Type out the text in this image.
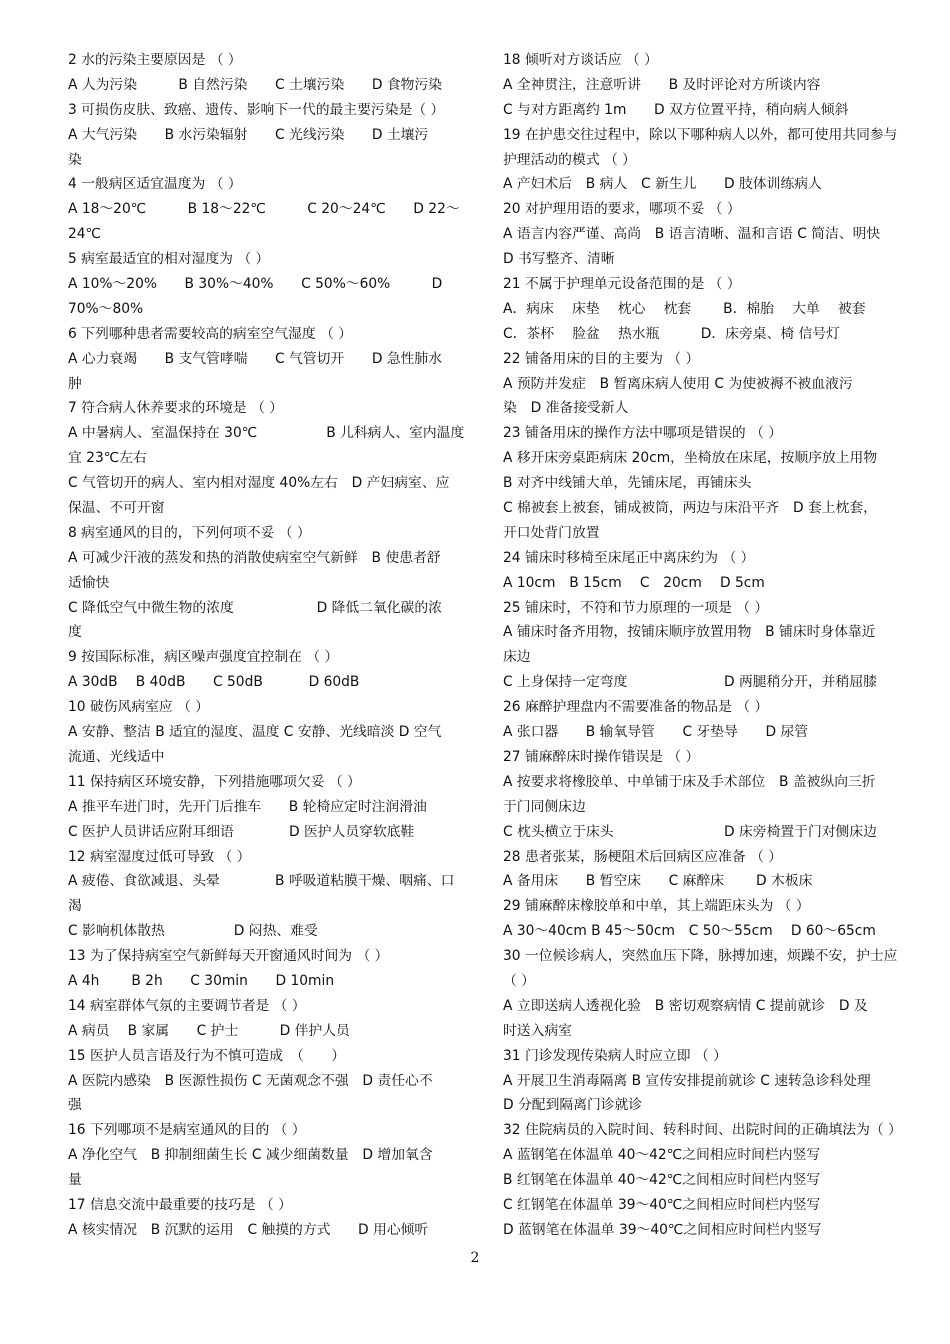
2 水的污染主要原因是 （ ）
A 人为污染　　　B 自然污染　　C 土壤污染　　D 食物污染
3 可损伤皮肤、致癌、遗传、影响下一代的最主要污染是（ ）
A 大气污染　　B 水污染辐射　　C 光线污染　　D 土壤污
染
4 一般病区适宜温度为 （ ）
A 18～20℃　　　B 18～22℃　　　C 20～24℃　　D 22～
24℃
5 病室最适宜的相对湿度为 （ ）
A 10%～20%　　B 30%～40%　　C 50%～60%　　　D
70%～80%
6 下列哪种患者需要较高的病室空气湿度 （ ）
A 心力衰竭　　B 支气管哮喘　　C 气管切开　　D 急性肺水
肿
7 符合病人休养要求的环境是 （ ）
A 中暑病人、室温保持在 30℃　　　　　B 儿科病人、室内温度
宜 23℃左右
C 气管切开的病人、室内相对湿度 40%左右　D 产妇病室、应
保温、不可开窗
8 病室通风的目的，下列何项不妥 （ ）
A 可减少汗液的蒸发和热的消散使病室空气新鲜　B 使患者舒
适愉快
C 降低空气中微生物的浓度　　　　　　D 降低二氧化碳的浓
度
9 按国际标准，病区噪声强度宜控制在 （ ）
A 30dB　 B 40dB　　C 50dB　　　 D 60dB
10 破伤风病室应 （ ）
A 安静、整洁 B 适宜的湿度、温度 C 安静、光线暗淡 D 空气
流通、光线适中
11 保持病区环境安静，下列措施哪项欠妥 （ ）
A 推平车进门时，先开门后推车　　B 轮椅应定时注润滑油
C 医护人员讲话应附耳细语　　　　D 医护人员穿软底鞋
12 病室湿度过低可导致 （ ）
A 疲倦、食欲减退、头晕　　　　B 呼吸道粘膜干燥、咽痛、口
渴
C 影响机体散热　　　　　D 闷热、难受
13 为了保持病室空气新鲜每天开窗通风时间为 （ ）
A 4h　　 B 2h　　C 30min　　D 10min
14 病室群体气氛的主要调节者是 （ ）
A 病员　 B 家属　　C 护士　　　D 伴护人员
15 医护人员言语及行为不慎可造成　（　　）
A 医院内感染　B 医源性损伤 C 无菌观念不强　D 责任心不
强
16 下列哪项不是病室通风的目的 （ ）
A 净化空气　B 抑制细菌生长 C 减少细菌数量　D 增加氧含
量
17 信息交流中最重要的技巧是 （ ）
A 核实情况　B 沉默的运用　C 触摸的方式　　D 用心倾听
18 倾听对方谈话应 （ ）
A 全神贯注，注意听讲　　B 及时评论对方所谈内容
C 与对方距离约 1m　　D 双方位置平持，稍向病人倾斜
19 在护患交往过程中，除以下哪种病人以外，都可使用共同参与
护理活动的模式 （ ）
A 产妇术后　B 病人　C 新生儿　　D 肢体训练病人
20 对护理用语的要求，哪项不妥 （ ）
A 语言内容严谨、高尚　B 语言清晰、温和言语 C 简洁、明快
D 书写整齐、清晰
21 不属于护理单元设备范围的是 （ ）
A．病床　 床垫　 枕心　 枕套　　 B．棉胎　 大单　 被套
C．茶杯　 脸盆　 热水瓶　　　D．床旁桌、椅 信号灯
22 铺备用床的目的主要为 （ ）
A 预防并发症　B 暂离床病人使用 C 为使被褥不被血液污
染　D 准备接受新人
23 铺备用床的操作方法中哪项是错误的 （ ）
A 移开床旁桌距病床 20cm，坐椅放在床尾，按顺序放上用物
B 对齐中线铺大单，先铺床尾，再铺床头
C 棉被套上被套，铺成被筒，两边与床沿平齐　D 套上枕套，
开口处背门放置
24 铺床时移椅至床尾正中离床约为 （ ）
A 10cm　B 15cm　 C　20cm　 D 5cm
25 铺床时，不符和节力原理的一项是 （ ）
A 铺床时备齐用物，按铺床顺序放置用物　B 铺床时身体靠近
床边
C 上身保持一定弯度　　　　　　　D 两腿稍分开，并稍屈膝
26 麻醉护理盘内不需要准备的物品是 （ ）
A 张口器　　B 输氧导管　　C 牙垫导　　D 尿管
27 铺麻醉床时操作错误是 （ ）
A 按要求将橡胶单、中单铺于床及手术部位　B 盖被纵向三折
于门同侧床边
C 枕头横立于床头　　　　　　　　D 床旁椅置于门对侧床边
28 患者张某，肠梗阻术后回病区应准备 （ ）
A 备用床　　B 暂空床　　C 麻醉床　　 D 木板床
29 铺麻醉床橡胶单和中单，其上端距床头为 （ ）
A 30～40cm B 45～50cm　C 50～55cm　 D 60～65cm
30 一位候诊病人，突然血压下降，脉搏加速，烦躁不安，护士应
（ ）
A 立即送病人透视化验　B 密切观察病情 C 提前就诊　D 及
时送入病室
31 门诊发现传染病人时应立即 （ ）
A 开展卫生消毒隔离 B 宣传安排提前就诊 C 速转急诊科处理
D 分配到隔离门诊就诊
32 住院病员的入院时间、转科时间、出院时间的正确填法为（ ）
A 蓝钢笔在体温单 40～42℃之间相应时间栏内竖写
B 红钢笔在体温单 40～42℃之间相应时间栏内竖写
C 红钢笔在体温单 39～40℃之间相应时间栏内竖写
D 蓝钢笔在体温单 39～40℃之间相应时间栏内竖写
2
